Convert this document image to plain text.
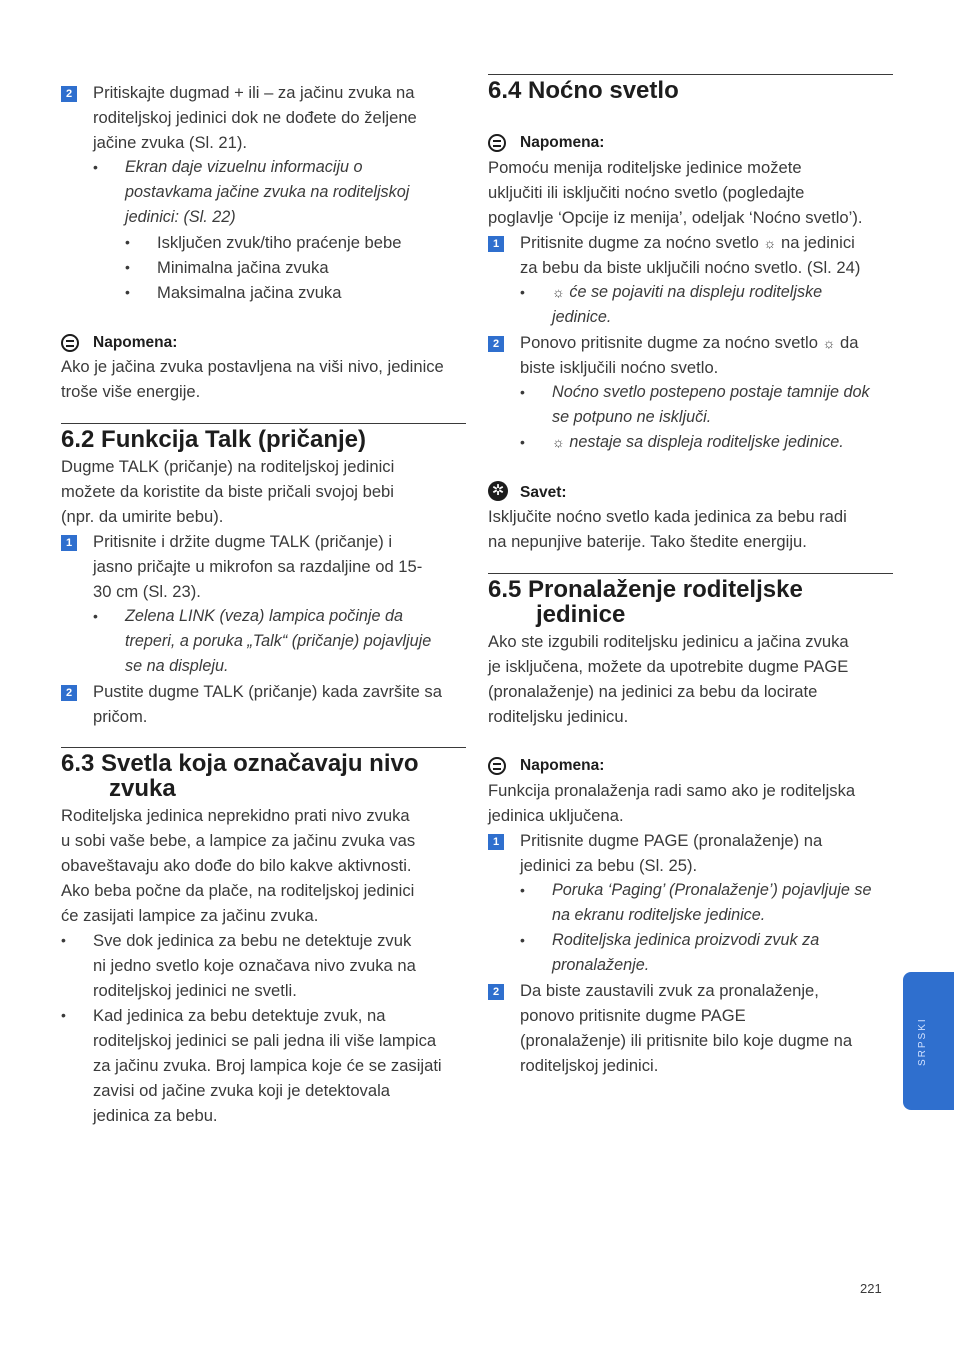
2 Pritiskajte dugmad + ili – za jačinu zvuka na
roditeljskoj jedinici dok ne dođete do željene
jačine zvuka (Sl. 21).
• Ekran daje vizuelnu informaciju o
postavkama jačine zvuka na roditeljskoj
jedinici: (Sl. 22)
• Isključen zvuk/tiho praćenje bebe
• Minimalna jačina zvuka
• Maksimalna jačina zvuka
Napomena:
Ako je jačina zvuka postavljena na viši nivo, jedinice
troše više energije.
6.2 Funkcija Talk (pričanje)
Dugme TALK (pričanje) na roditeljskoj jedinici
možete da koristite da biste pričali svojoj bebi
(npr. da umirite bebu).
1 Pritisnite i držite dugme TALK (pričanje) i
jasno pričajte u mikrofon sa razdaljine od 15-
30 cm (Sl. 23).
• Zelena LINK (veza) lampica počinje da
treperi, a poruka „Talk“ (pričanje) pojavljuje
se na displeju.
2 Pustite dugme TALK (pričanje) kada završite sa
pričom.
6.3 Svetla koja označavaju nivo
zvuka
Roditeljska jedinica neprekidno prati nivo zvuka
u sobi vaše bebe, a lampice za jačinu zvuka vas
obaveštavaju ako dođe do bilo kakve aktivnosti.
Ako beba počne da plače, na roditeljskoj jedinici
će zasijati lampice za jačinu zvuka.
• Sve dok jedinica za bebu ne detektuje zvuk
ni jedno svetlo koje označava nivo zvuka na
roditeljskoj jedinici ne svetli.
• Kad jedinica za bebu detektuje zvuk, na
roditeljskoj jedinici se pali jedna ili više lampica
za jačinu zvuka. Broj lampica koje će se zasijati
zavisi od jačine zvuka koji je detektovala
jedinica za bebu.
6.4 Noćno svetlo
Napomena:
Pomoću menija roditeljske jedinice možete
uključiti ili isključiti noćno svetlo (pogledajte
poglavlje ‘Opcije iz menija’, odeljak ‘Noćno svetlo’).
1 Pritisnite dugme za noćno svetlo ☼ na jedinici
za bebu da biste uključili noćno svetlo. (Sl. 24)
• ☼ će se pojaviti na displeju roditeljske
jedinice.
2 Ponovo pritisnite dugme za noćno svetlo ☼ da
biste isključili noćno svetlo.
• Noćno svetlo postepeno postaje tamnije dok
se potpuno ne isključi.
• ☼ nestaje sa displeja roditeljske jedinice.
✲ Savet:
Isključite noćno svetlo kada jedinica za bebu radi
na nepunjive baterije. Tako štedite energiju.
6.5 Pronalaženje roditeljske
jedinice
Ako ste izgubili roditeljsku jedinicu a jačina zvuka
je isključena, možete da upotrebite dugme PAGE
(pronalaženje) na jedinici za bebu da locirate
roditeljsku jedinicu.
Napomena:
Funkcija pronalaženja radi samo ako je roditeljska
jedinica uključena.
1 Pritisnite dugme PAGE (pronalaženje) na
jedinici za bebu (Sl. 25).
• Poruka ‘Paging’ (Pronalaženje’) pojavljuje se
na ekranu roditeljske jedinice.
• Roditeljska jedinica proizvodi zvuk za
pronalaženje.
2 Da biste zaustavili zvuk za pronalaženje,
ponovo pritisnite dugme PAGE
(pronalaženje) ili pritisnite bilo koje dugme na
roditeljskoj jedinici.	SRPSKI
221
